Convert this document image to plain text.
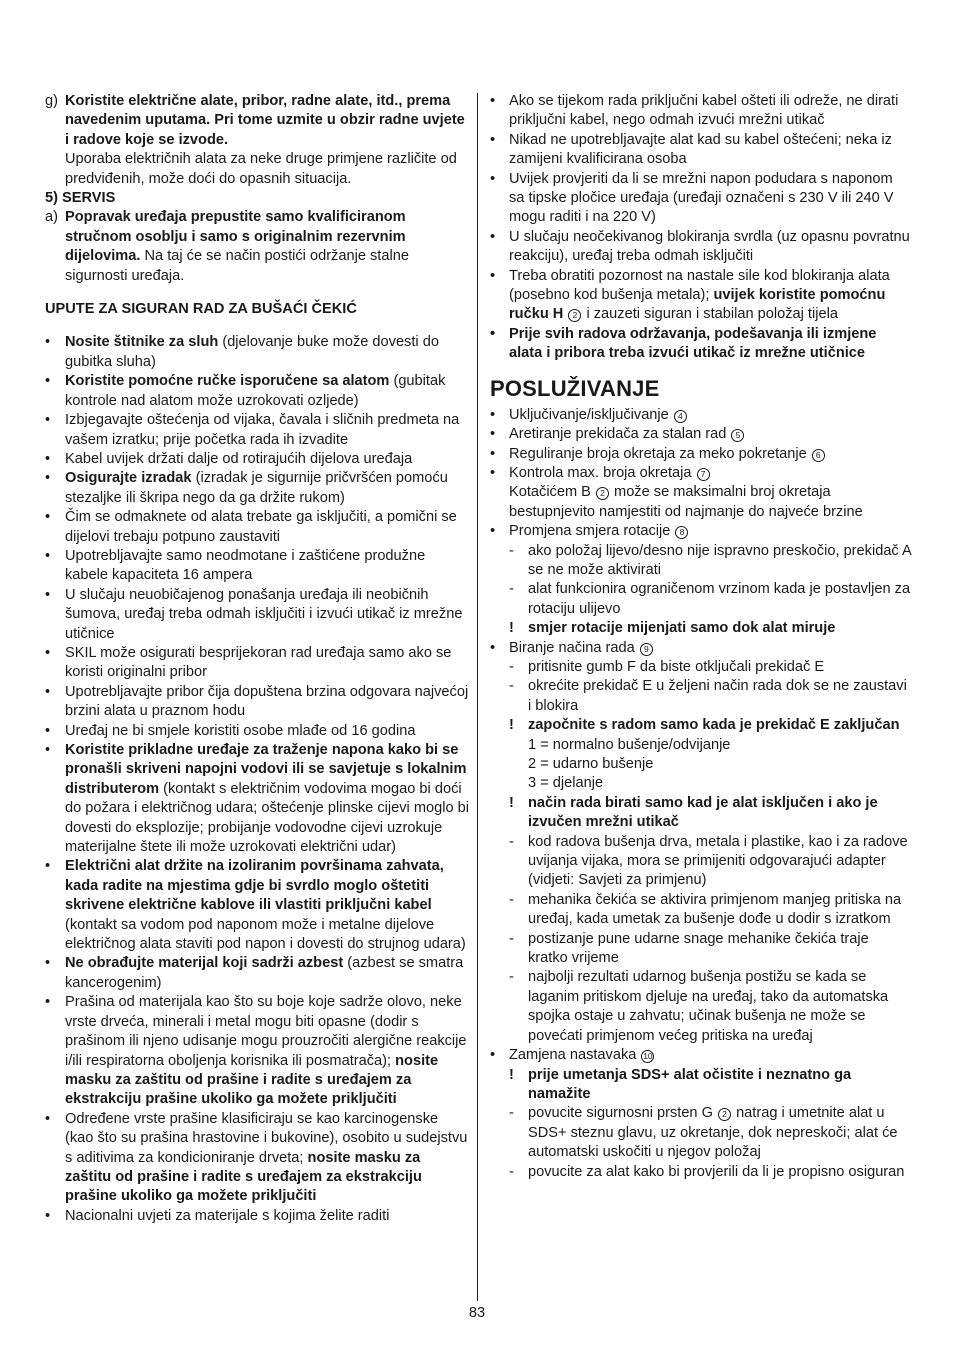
g) Koristite električne alate, pribor, radne alate, itd., prema navedenim uputama. Pri tome uzmite u obzir radne uvjete i radove koje se izvode.
Uporaba električnih alata za neke druge primjene različite od predviđenih, može doći do opasnih situacija.

5) SERVIS

a) Popravak uređaja prepustite samo kvalificiranom stručnom osoblju i samo s originalnim rezervnim dijelovima. Na taj će se način postići održanje stalne sigurnosti uređaja.

UPUTE ZA SIGURAN RAD ZA BUŠAĆI ČEKIĆ

• Nosite štitnike za sluh (djelovanje buke može dovesti do gubitka sluha)
• Koristite pomoćne ručke isporučene sa alatom (gubitak kontrole nad alatom može uzrokovati ozljede)
• Izbjegavajte oštećenja od vijaka, čavala i sličnih predmeta na vašem izratku; prije početka rada ih izvadite
• Kabel uvijek držati dalje od rotirajućih dijelova uređaja
• Osigurajte izradak (izradak je sigurnije pričvršćen pomoću stezaljke ili škripa nego da ga držite rukom)
• Čim se odmaknete od alata trebate ga isključiti, a pomični se dijelovi trebaju potpuno zaustaviti
• Upotrebljavajte samo neodmotane i zaštićene produžne kabele kapaciteta 16 ampera
• U slučaju neuobičajenog ponašanja uređaja ili neobičnih šumova, uređaj treba odmah isključiti i izvući utikač iz mrežne utičnice
• SKIL može osigurati besprijekoran rad uređaja samo ako se koristi originalni pribor
• Upotrebljavajte pribor čija dopuštena brzina odgovara najvećoj brzini alata u praznom hodu
• Uređaj ne bi smjele koristiti osobe mlađe od 16 godina
• Koristite prikladne uređaje za traženje napona kako bi se pronašli skriveni napojni vodovi ili se savjetuje s lokalnim distributerom (kontakt s električnim vodovima mogao bi doći do požara i električnog udara; oštećenje plinske cijevi moglo bi dovesti do eksplozije; probijanje vodovodne cijevi uzrokuje materijalne štete ili može uzrokovati električni udar)
• Električni alat držite na izoliranim površinama zahvata, kada radite na mjestima gdje bi svrdlo moglo oštetiti skrivene električne kablove ili vlastiti priključni kabel (kontakt sa vodom pod naponom može i metalne dijelove električnog alata staviti pod napon i dovesti do strujnog udara)
• Ne obrađujte materijal koji sadrži azbest (azbest se smatra kancerogenim)
• Prašina od materijala kao što su boje koje sadrže olovo, neke vrste drveća, minerali i metal mogu biti opasne (dodir s prašinom ili njeno udisanje mogu prouzročiti alergične reakcije i/ili respiratorna oboljenja korisnika ili posmatrača); nosite masku za zaštitu od prašine i radite s uređajem za ekstrakciju prašine ukoliko ga možete priključiti
• Određene vrste prašine klasificiraju se kao karcinogenske (kao što su prašina hrastovine i bukovine), osobito u sudejstvu s aditivima za kondicioniranje drveta; nosite masku za zaštitu od prašine i radite s uređajem za ekstrakciju prašine ukoliko ga možete priključiti
• Nacionalni uvjeti za materijale s kojima želite raditi
• Ako se tijekom rada priključni kabel ošteti ili odreže, ne dirati priključni kabel, nego odmah izvući mrežni utikač
• Nikad ne upotrebljavajte alat kad su kabel oštećeni; neka iz zamijeni kvalificirana osoba
• Uvijek provjeriti da li se mrežni napon podudara s naponom sa tipske pločice uređaja (uređaji označeni s 230 V ili 240 V mogu raditi i na 220 V)
• U slučaju neočekivanog blokiranja svrdla (uz opasnu povratnu reakciju), uređaj treba odmah isključiti
• Treba obratiti pozornost na nastale sile kod blokiranja alata (posebno kod bušenja metala); uvijek koristite pomoćnu ručku H 2 i zauzeti siguran i stabilan položaj tijela
• Prije svih radova održavanja, podešavanja ili izmjene alata i pribora treba izvući utikač iz mrežne utičnice
POSLUŽIVANJE
• Uključivanje/isključivanje 4
• Aretiranje prekidača za stalan rad 5
• Reguliranje broja okretaja za meko pokretanje 6
• Kontrola max. broja okretaja 7
Kotačićem B 2 može se maksimalni broj okretaja bestupnjevito namjestiti od najmanje do najveće brzine
• Promjena smjera rotacije 8
- ako položaj lijevo/desno nije ispravno preskočio, prekidač A se ne može aktivirati
- alat funkcionira ograničenom vrzinom kada je postavljen za rotaciju ulijevo
! smjer rotacije mijenjati samo dok alat miruje
• Biranje načina rada 9
- pritisnite gumb F da biste otključali prekidač E
- okrećite prekidač E u željeni način rada dok se ne zaustavi i blokira
! započnite s radom samo kada je prekidač E zaključan
1 = normalno bušenje/odvijanje
2 = udarno bušenje
3 = djelanje
! način rada birati samo kad je alat isključen i ako je izvučen mrežni utikač
- kod radova bušenja drva, metala i plastike, kao i za radove uvijanja vijaka, mora se primijeniti odgovarajući adapter (vidjeti: Savjeti za primjenu)
- mehanika čekića se aktivira primjenom manjeg pritiska na uređaj, kada umetak za bušenje dođe u dodir s izratkom
- postizanje pune udarne snage mehanike čekića traje kratko vrijeme
- najbolji rezultati udarnog bušenja postižu se kada se laganim pritiskom djeluje na uređaj, tako da automatska spojka ostaje u zahvatu; učinak bušenja ne može se povećati primjenom većeg pritiska na uređaj
• Zamjena nastavaka 10
! prije umetanja SDS+ alat očistite i neznatno ga namažite
- povucite sigurnosni prsten G 2 natrag i umetnite alat u SDS+ steznu glavu, uz okretanje, dok nepreskoči; alat će automatski uskočiti u njegov položaj
- povucite za alat kako bi provjerili da li je propisno osiguran
83
